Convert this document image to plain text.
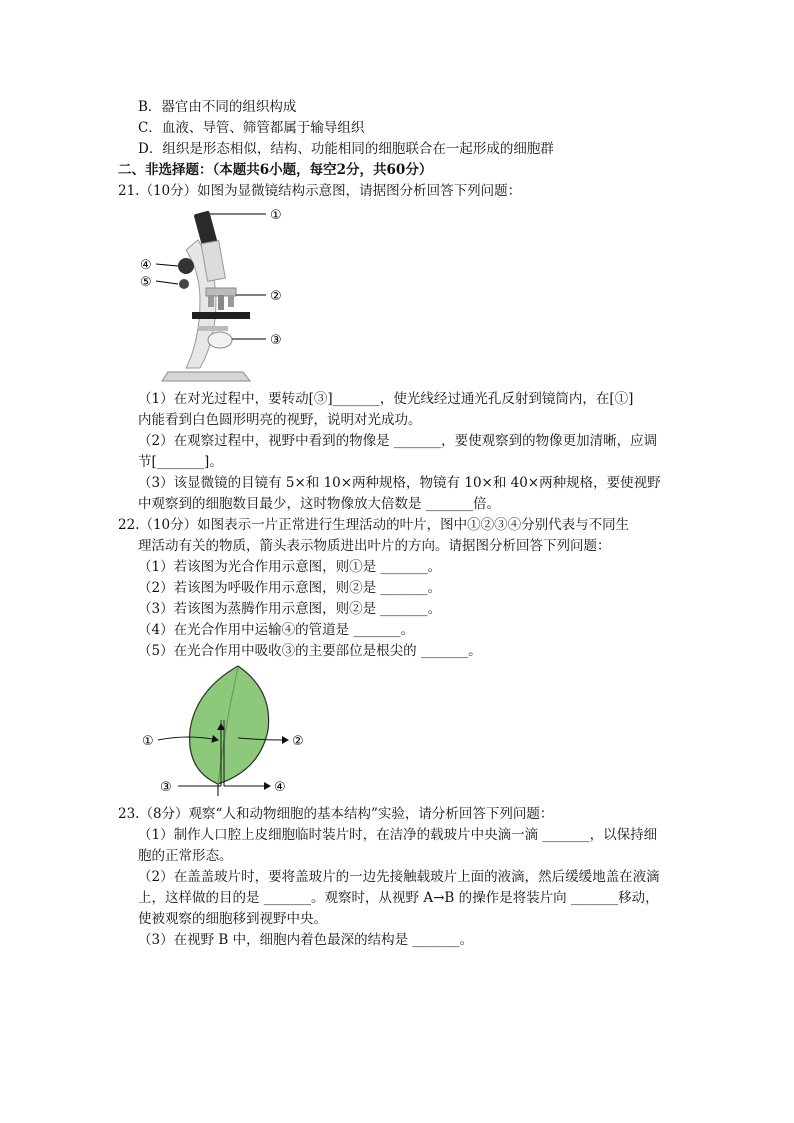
B．器官由不同的组织构成
C．血液、导管、筛管都属于输导组织
D．组织是形态相似，结构、功能相同的细胞联合在一起形成的细胞群
二、非选择题：（本题共6小题，每空2分，共60分）
21.（10分）如图为显微镜结构示意图，请据图分析回答下列问题：
①
②
③
④
⑤
（1）在对光过程中，要转动[③]_______，使光线经过通光孔反射到镜筒内，在[①]
内能看到白色圆形明亮的视野，说明对光成功。
（2）在观察过程中，视野中看到的物像是 _______，要使观察到的物像更加清晰，应调
节[_______]。
（3）该显微镜的目镜有 5×和 10×两种规格，物镜有 10×和 40×两种规格，要使视野
中观察到的细胞数目最少，这时物像放大倍数是 _______倍。
22.（10分）如图表示一片正常进行生理活动的叶片，图中①②③④分别代表与不同生
理活动有关的物质，箭头表示物质进出叶片的方向。请据图分析回答下列问题：
（1）若该图为光合作用示意图，则①是 _______。
（2）若该图为呼吸作用示意图，则②是 _______。
（3）若该图为蒸腾作用示意图，则②是 _______。
（4）在光合作用中运输④的管道是 _______。
（5）在光合作用中吸收③的主要部位是根尖的 _______。
①	②
③	④
23.（8分）观察“人和动物细胞的基本结构”实验，请分析回答下列问题：
（1）制作人口腔上皮细胞临时装片时，在洁净的载玻片中央滴一滴 _______，以保持细
胞的正常形态。
（2）在盖盖玻片时，要将盖玻片的一边先接触载玻片上面的液滴，然后缓缓地盖在液滴
上，这样做的目的是 _______。观察时，从视野 A→B 的操作是将装片向 _______移动，
使被观察的细胞移到视野中央。
（3）在视野 B 中，细胞内着色最深的结构是 _______。
